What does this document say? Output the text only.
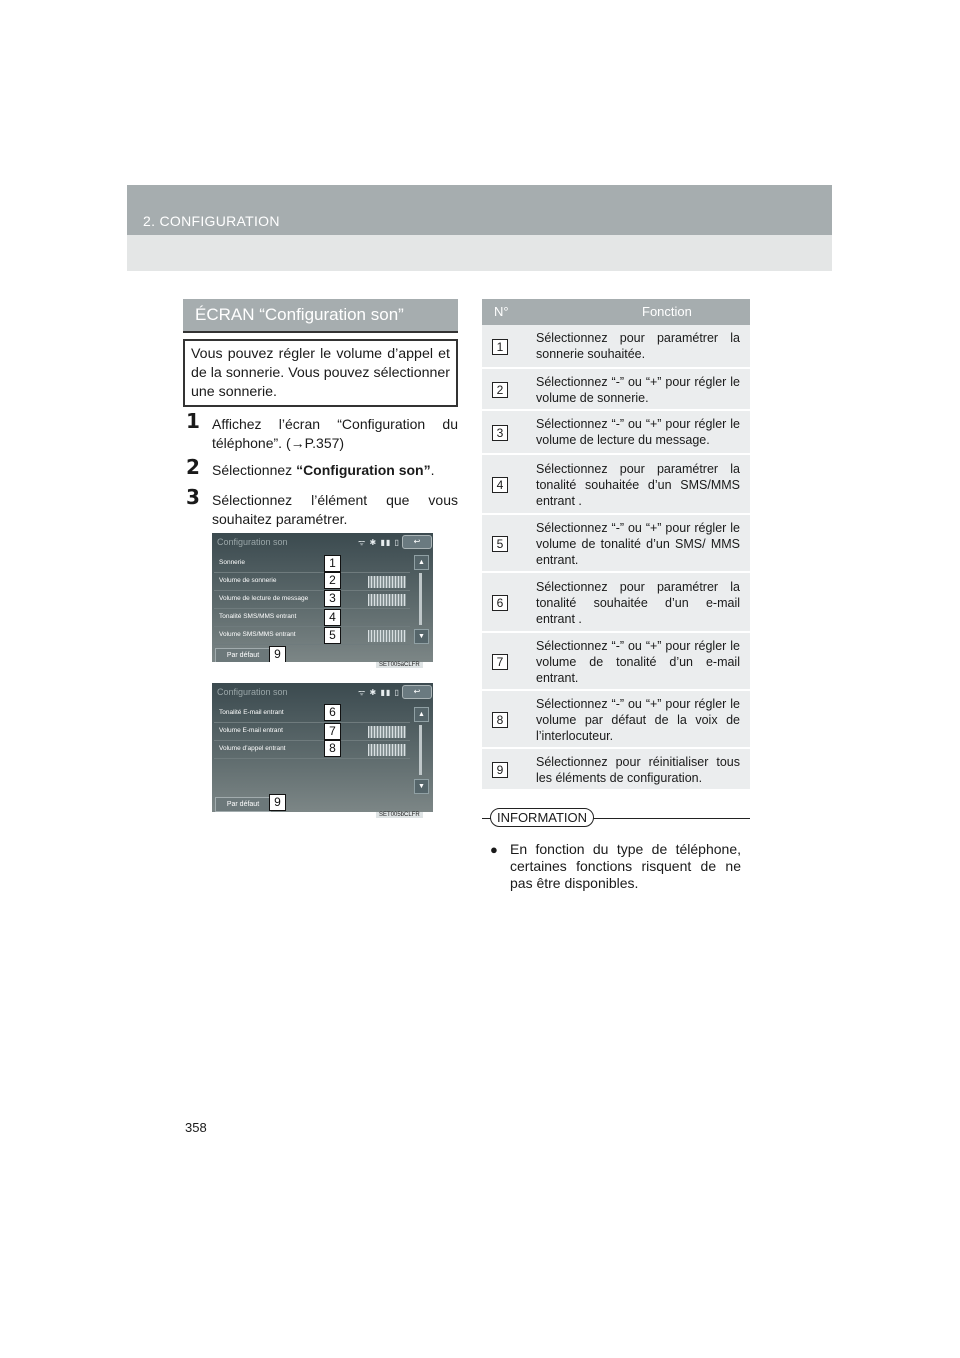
2. CONFIGURATION
ÉCRAN “Configuration son”
Vous pouvez régler le volume d’appel et de la sonnerie. Vous pouvez sélectionner une sonnerie.
1 Affichez l’écran “Configuration du téléphone”. (→P.357)
2 Sélectionnez “Configuration son”.
3 Sélectionnez l’élément que vous souhaitez paramétrer.
Configuration son	ᯤ ✱ ▮▮ ▯	↩
Sonnerie
Volume de sonnerie
Volume de lecture de message
Tonalité SMS/MMS entrant
Volume SMS/MMS entrant
▲
▼
Par défaut
1
2
3
4
5
9
SET005aCLFR
Configuration son	ᯤ ✱ ▮▮ ▯	↩
Tonalité E-mail entrant
Volume E-mail entrant
Volume d’appel entrant
▲
▼
Par défaut
6
7
8
9
SET005bCLFR
N°	Fonction
1
Sélectionnez pour paramétrer la sonnerie souhaitée.
2
Sélectionnez “-” ou “+” pour régler le volume de sonnerie.
3
Sélectionnez “-” ou “+” pour régler le volume de lecture du message.
4
Sélectionnez pour paramétrer la tonalité souhaitée d’un SMS/MMS entrant .
5
Sélectionnez “-” ou “+” pour régler le volume de tonalité d’un SMS/ MMS entrant.
6
Sélectionnez pour paramétrer la tonalité souhaitée d’un e-mail entrant .
7
Sélectionnez “-” ou “+” pour régler le volume de tonalité d’un e-mail entrant.
8
Sélectionnez “-” ou “+” pour régler le volume par défaut de la voix de l’interlocuteur.
9
Sélectionnez pour réinitialiser tous les éléments de configuration.
INFORMATION
● En fonction du type de téléphone, certaines fonctions risquent de ne pas être disponibles.
358
